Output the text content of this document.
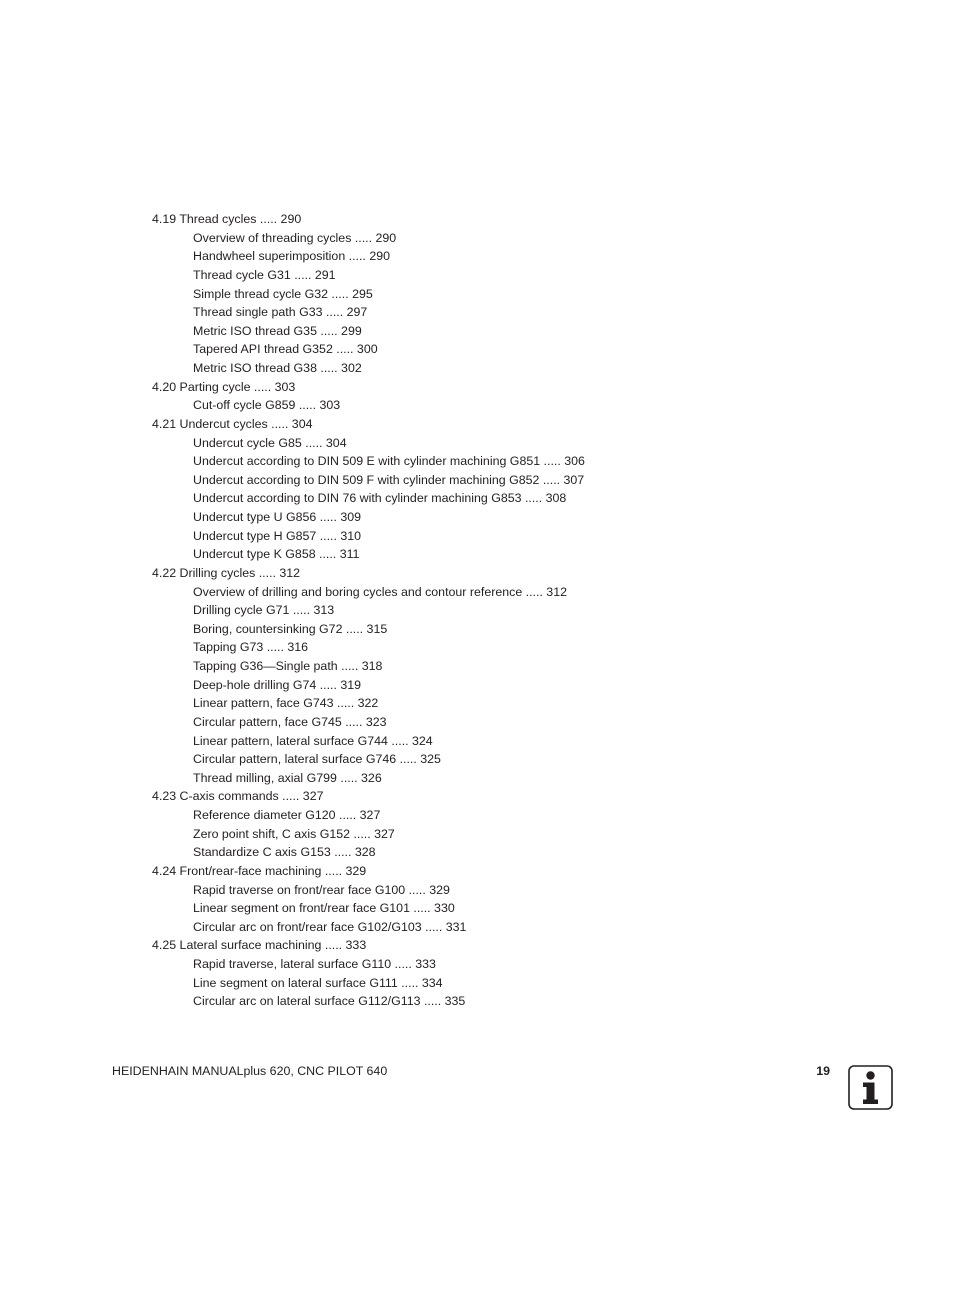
4.19 Thread cycles ..... 290
Overview of threading cycles ..... 290
Handwheel superimposition ..... 290
Thread cycle G31 ..... 291
Simple thread cycle G32 ..... 295
Thread single path G33 ..... 297
Metric ISO thread G35 ..... 299
Tapered API thread G352 ..... 300
Metric ISO thread G38 ..... 302
4.20 Parting cycle ..... 303
Cut-off cycle G859 ..... 303
4.21 Undercut cycles ..... 304
Undercut cycle G85 ..... 304
Undercut according to DIN 509 E with cylinder machining G851 ..... 306
Undercut according to DIN 509 F with cylinder machining G852 ..... 307
Undercut according to DIN 76 with cylinder machining G853 ..... 308
Undercut type U G856 ..... 309
Undercut type H G857 ..... 310
Undercut type K G858 ..... 311
4.22 Drilling cycles ..... 312
Overview of drilling and boring cycles and contour reference ..... 312
Drilling cycle G71 ..... 313
Boring, countersinking G72 ..... 315
Tapping G73 ..... 316
Tapping G36—Single path ..... 318
Deep-hole drilling G74 ..... 319
Linear pattern, face G743 ..... 322
Circular pattern, face G745 ..... 323
Linear pattern, lateral surface G744 ..... 324
Circular pattern, lateral surface G746 ..... 325
Thread milling, axial G799 ..... 326
4.23 C-axis commands ..... 327
Reference diameter G120 ..... 327
Zero point shift, C axis G152 ..... 327
Standardize C axis G153 ..... 328
4.24 Front/rear-face machining ..... 329
Rapid traverse on front/rear face G100 ..... 329
Linear segment on front/rear face G101 ..... 330
Circular arc on front/rear face G102/G103 ..... 331
4.25 Lateral surface machining ..... 333
Rapid traverse, lateral surface G110 ..... 333
Line segment on lateral surface G111 ..... 334
Circular arc on lateral surface G112/G113 ..... 335
HEIDENHAIN MANUALplus 620, CNC PILOT 640	19
